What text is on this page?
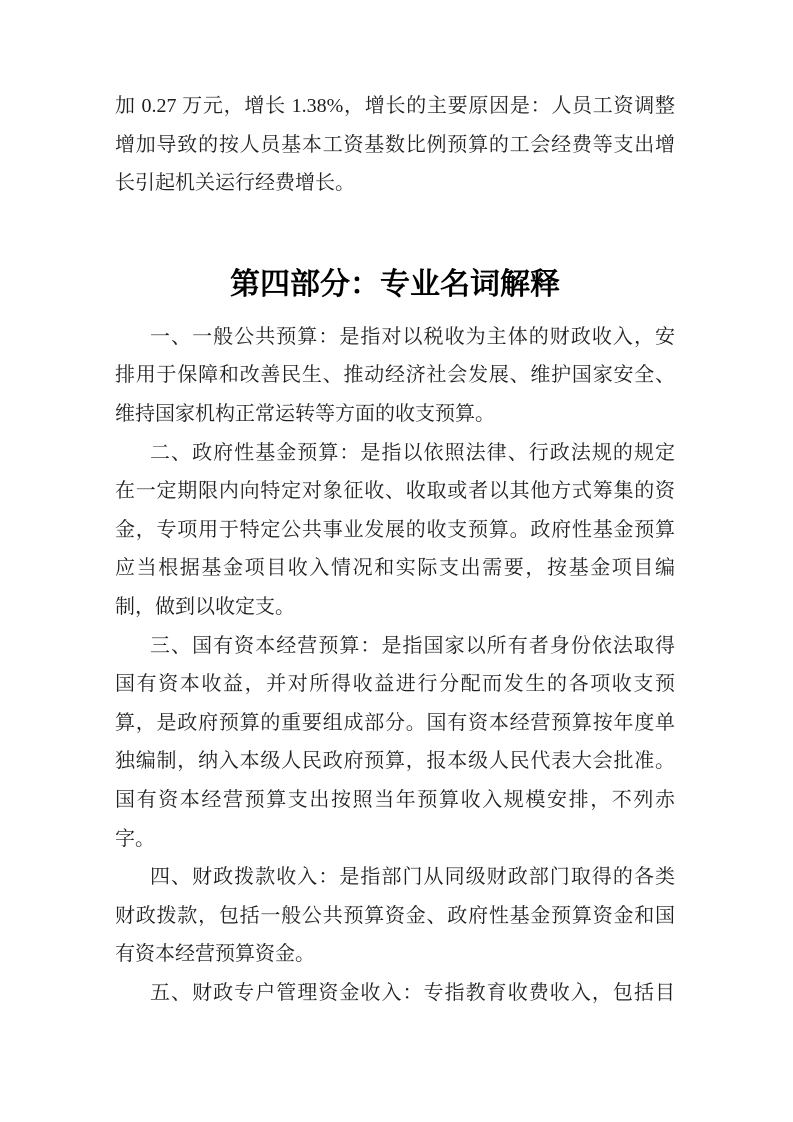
加 0.27 万元，增长 1.38%，增长的主要原因是：人员工资调整
增加导致的按人员基本工资基数比例预算的工会经费等支出增
长引起机关运行经费增长。
第四部分：专业名词解释
一、一般公共预算：是指对以税收为主体的财政收入，安
排用于保障和改善民生、推动经济社会发展、维护国家安全、
维持国家机构正常运转等方面的收支预算。
二、政府性基金预算：是指以依照法律、行政法规的规定
在一定期限内向特定对象征收、收取或者以其他方式筹集的资
金，专项用于特定公共事业发展的收支预算。政府性基金预算
应当根据基金项目收入情况和实际支出需要，按基金项目编
制，做到以收定支。
三、国有资本经营预算：是指国家以所有者身份依法取得
国有资本收益，并对所得收益进行分配而发生的各项收支预
算，是政府预算的重要组成部分。国有资本经营预算按年度单
独编制，纳入本级人民政府预算，报本级人民代表大会批准。
国有资本经营预算支出按照当年预算收入规模安排，不列赤
字。
四、财政拨款收入：是指部门从同级财政部门取得的各类
财政拨款，包括一般公共预算资金、政府性基金预算资金和国
有资本经营预算资金。
五、财政专户管理资金收入：专指教育收费收入，包括目
